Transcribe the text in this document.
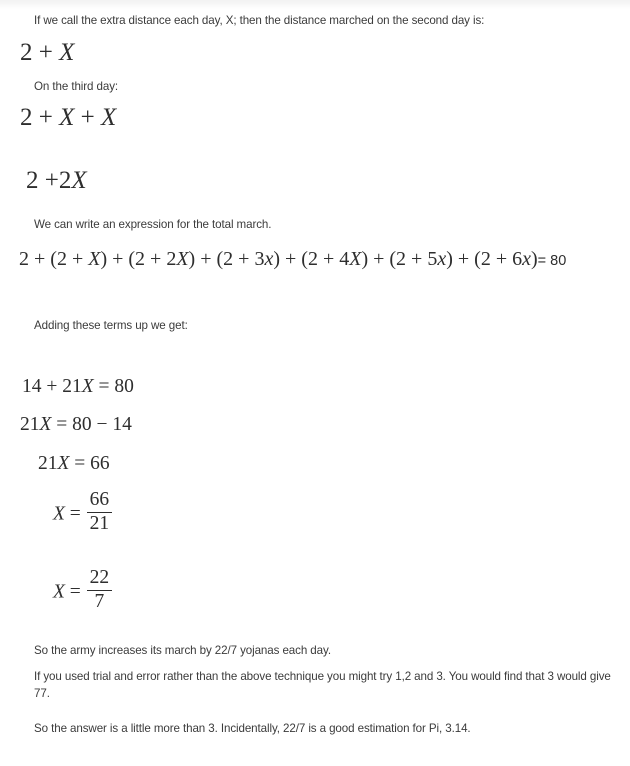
If we call the extra distance each day, X; then the distance marched on the second day is:

2 + X

On the third day:

2 + X + X
2 +2X

We can write an expression for the total march.

2 + (2 + X) + (2 + 2X) + (2 + 3x) + (2 + 4X) + (2 + 5x) + (2 + 6x)= 80

Adding these terms up we get:

14 + 21X = 80
21X = 80 − 14
21X = 66
$X = \frac{66}{21}$
$X = \frac{22}{7}$

So the army increases its march by 22/7 yojanas each day.

If you used trial and error rather than the above technique you might try 1,2 and 3. You would find that 3 would give 77.

So the answer is a little more than 3. Incidentally, 22/7 is a good estimation for Pi, 3.14.
